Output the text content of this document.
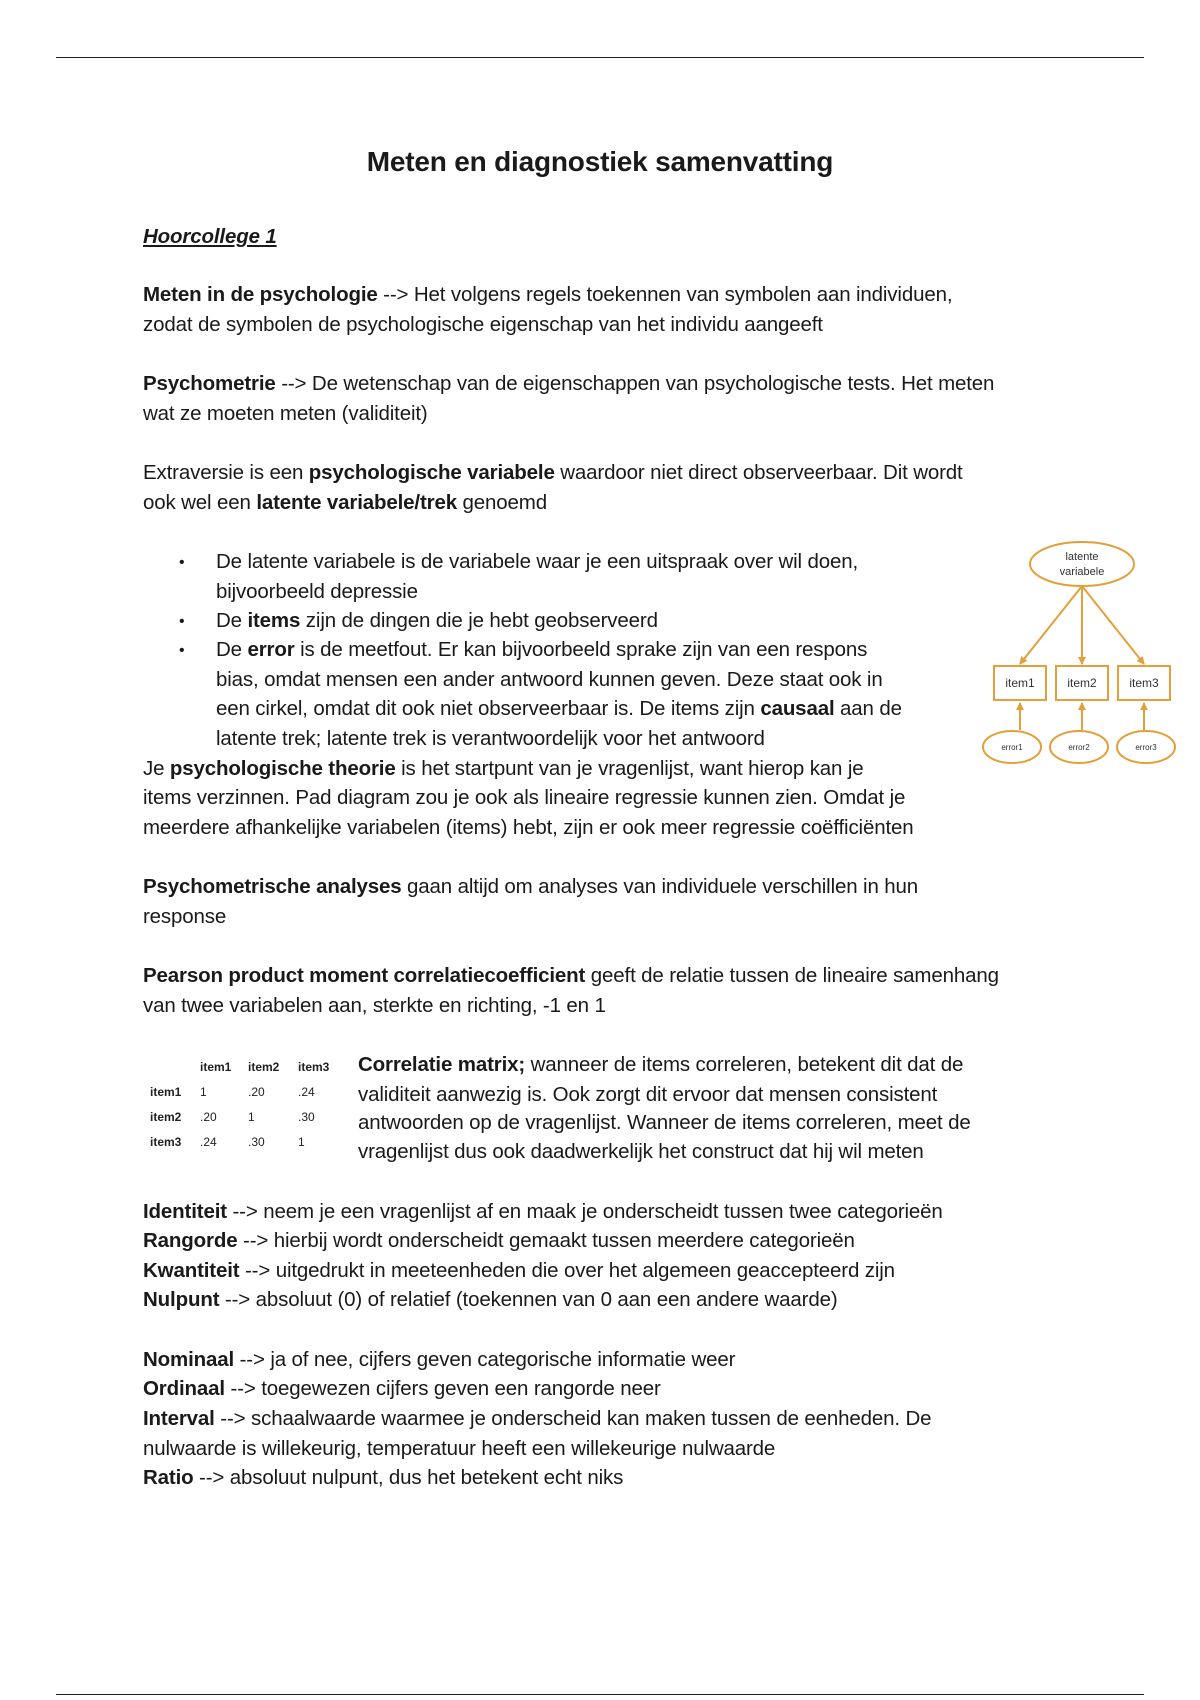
Meten en diagnostiek samenvatting
Hoorcollege 1
Meten in de psychologie --> Het volgens regels toekennen van symbolen aan individuen,
zodat de symbolen de psychologische eigenschap van het individu aangeeft
Psychometrie --> De wetenschap van de eigenschappen van psychologische tests. Het meten
wat ze moeten meten (validiteit)
Extraversie is een psychologische variabele waardoor niet direct observeerbaar. Dit wordt
ook wel een latente variabele/trek genoemd
• De latente variabele is de variabele waar je een uitspraak over wil doen,
bijvoorbeeld depressie
• De items zijn de dingen die je hebt geobserveerd
• De error is de meetfout. Er kan bijvoorbeeld sprake zijn van een respons
bias, omdat mensen een ander antwoord kunnen geven. Deze staat ook in
een cirkel, omdat dit ook niet observeerbaar is. De items zijn causaal aan de
latente trek; latente trek is verantwoordelijk voor het antwoord
Je psychologische theorie is het startpunt van je vragenlijst, want hierop kan je
items verzinnen. Pad diagram zou je ook als lineaire regressie kunnen zien. Omdat je
meerdere afhankelijke variabelen (items) hebt, zijn er ook meer regressie coëfficiënten
latente
variabele
item1	item2	item3
error1	error2	error3
Psychometrische analyses gaan altijd om analyses van individuele verschillen in hun
response
Pearson product moment correlatiecoefficient geeft de relatie tussen de lineaire samenhang
van twee variabelen aan, sterkte en richting, -1 en 1
	item1	item2	item3
item1	1	.20	.24
item2	.20	1	.30
item3	.24	.30	1
Correlatie matrix; wanneer de items correleren, betekent dit dat de
validiteit aanwezig is. Ook zorgt dit ervoor dat mensen consistent
antwoorden op de vragenlijst. Wanneer de items correleren, meet de
vragenlijst dus ook daadwerkelijk het construct dat hij wil meten
Identiteit --> neem je een vragenlijst af en maak je onderscheidt tussen twee categorieën
Rangorde --> hierbij wordt onderscheidt gemaakt tussen meerdere categorieën
Kwantiteit --> uitgedrukt in meeteenheden die over het algemeen geaccepteerd zijn
Nulpunt --> absoluut (0) of relatief (toekennen van 0 aan een andere waarde)
Nominaal --> ja of nee, cijfers geven categorische informatie weer
Ordinaal --> toegewezen cijfers geven een rangorde neer
Interval --> schaalwaarde waarmee je onderscheid kan maken tussen de eenheden. De
nulwaarde is willekeurig, temperatuur heeft een willekeurige nulwaarde
Ratio --> absoluut nulpunt, dus het betekent echt niks
